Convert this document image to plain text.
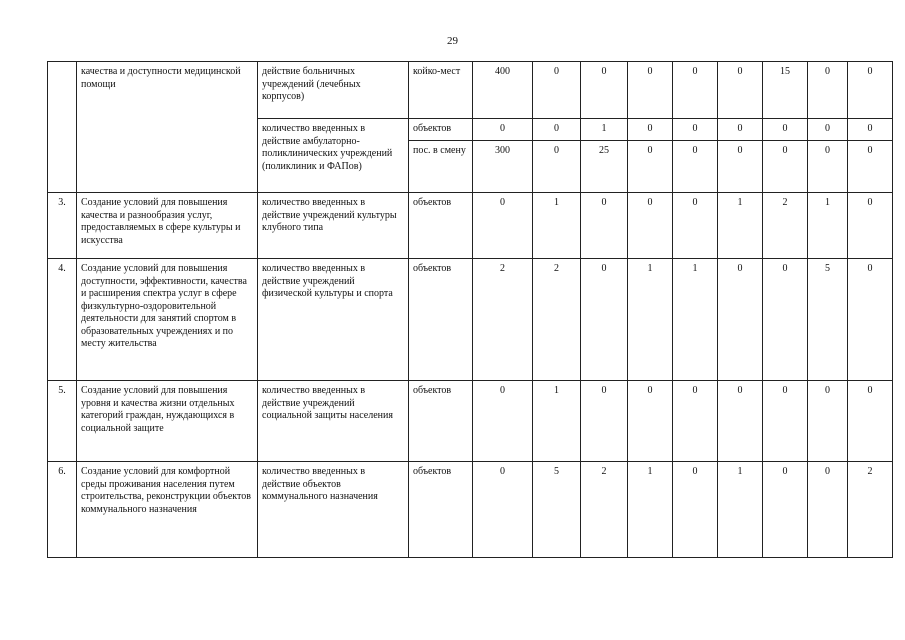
29
	качества и доступности медицинской помощи	действие больничных учреждений (лечебных корпусов)	койко-мест	400	0	0	0	0	0	15	0	0
		количество введенных в действие амбулаторно-поликлинических учреждений (поликлиник и ФАПов)	объектов	0	0	1	0	0	0	0	0	0
			пос. в смену	300	0	25	0	0	0	0	0	0
3.	Создание условий для повышения качества и разнообразия услуг, предоставляемых в сфере культуры и искусства	количество введенных в действие учреждений культуры клубного типа	объектов	0	1	0	0	0	1	2	1	0
4.	Создание условий для повышения доступности, эффективности, качества и расширения спектра услуг в сфере физкультурно-оздоровительной деятельности для занятий спортом в образовательных учреждениях и по месту жительства	количество введенных в действие учреждений физической культуры и спорта	объектов	2	2	0	1	1	0	0	5	0
5.	Создание условий для повышения уровня и качества жизни отдельных категорий граждан, нуждающихся в социальной защите	количество введенных в действие учреждений социальной защиты населения	объектов	0	1	0	0	0	0	0	0	0
6.	Создание условий для комфортной среды проживания населения путем строительства, реконструкции объектов коммунального назначения	количество введенных в действие объектов коммунального назначения	объектов	0	5	2	1	0	1	0	0	2
